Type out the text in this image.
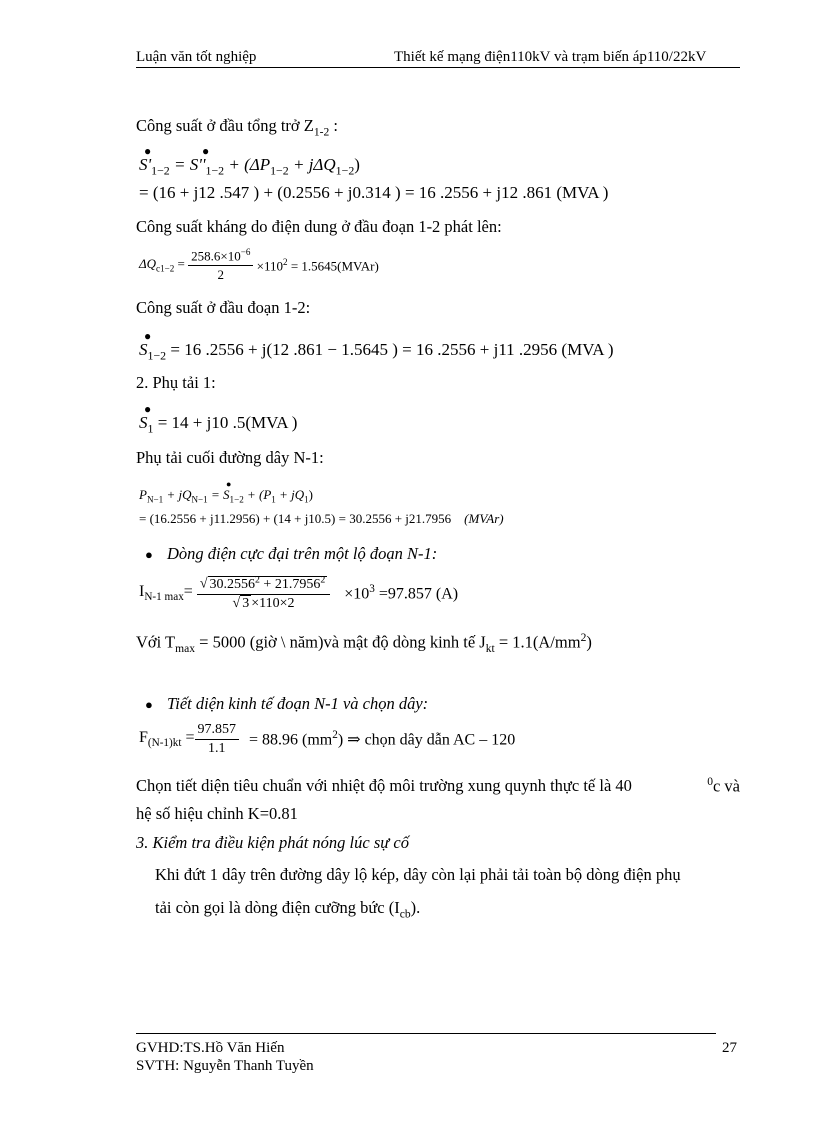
Luận văn tốt nghiệp	Thiết kế mạng điện110kV và trạm biến áp110/22kV
Công suất ở đầu tổng trở $Z_{1-2}$ :
●	●
$S'_{1-2} = S''_{1-2} + (\Delta P_{1-2} + j\Delta Q_{1-2})$
= (16 + j12 .547 ) + (0.2556 + j0.314 ) = 16 .2556 + j12 .861 (MVA )
Công suất kháng do điện dung ở đầu đoạn 1-2 phát lên:
$\Delta Q_{c1-2} = \frac{258.6\times 10^{-6}}{2} \times 110^2$ = 1.5645(MVAr)
Công suất ở đầu đoạn 1-2:
●
$S_{1-2} = 16$ .2556 + j(12 .861 − 1.5645 ) = 16 .2556 + j11 .2956 (MVA )
2. Phụ tải 1:
●
$S_1 = 14 + j10$ .5(MVA )
Phụ tải cuối đường dây N-1:
●
$P_{N-1} + jQ_{N-1} = S_{1-2} + (P_1 + jQ_1)$
= (16.2556 + j11.2956) + (14 + j10.5) = 30.2556 + j21.7956 (MVAr)
● Dòng điện cực đại trên một lộ đoạn N-1:
$I_{N-1 max}= \frac{√ 30.2556^2 + 21.7956^2}{√ 3 \times 110\times 2} \times 10^3 =97.857$ (A)
Với $T_{max} = 5000$ (giờ \ năm)và mật độ dòng kinh tế $J_{kt} = 1.1(A/mm^2)$
● Tiết diện kinh tế đoạn N-1 và chọn dây:
$F_{(N-1)kt} = \frac{97.857}{1.1} = 88.96$ $(mm^2)$ ⇒ chọn dây dẫn AC – 120
Chọn tiết diện tiêu chuẩn với nhiệt độ môi trường xung quynh thực tế là 40	$^0$c và
hệ số hiệu chỉnh K=0.81
3. Kiểm tra điều kiện phát nóng lúc sự cố
Khi đứt 1 dây trên đường dây lộ kép, dây còn lại phải tải toàn bộ dòng điện phụ
tải còn gọi là dòng điện cưỡng bức $(I_{cb})$.
GVHD:TS.Hồ Văn Hiến
SVTH: Nguyễn Thanh Tuyền
27
